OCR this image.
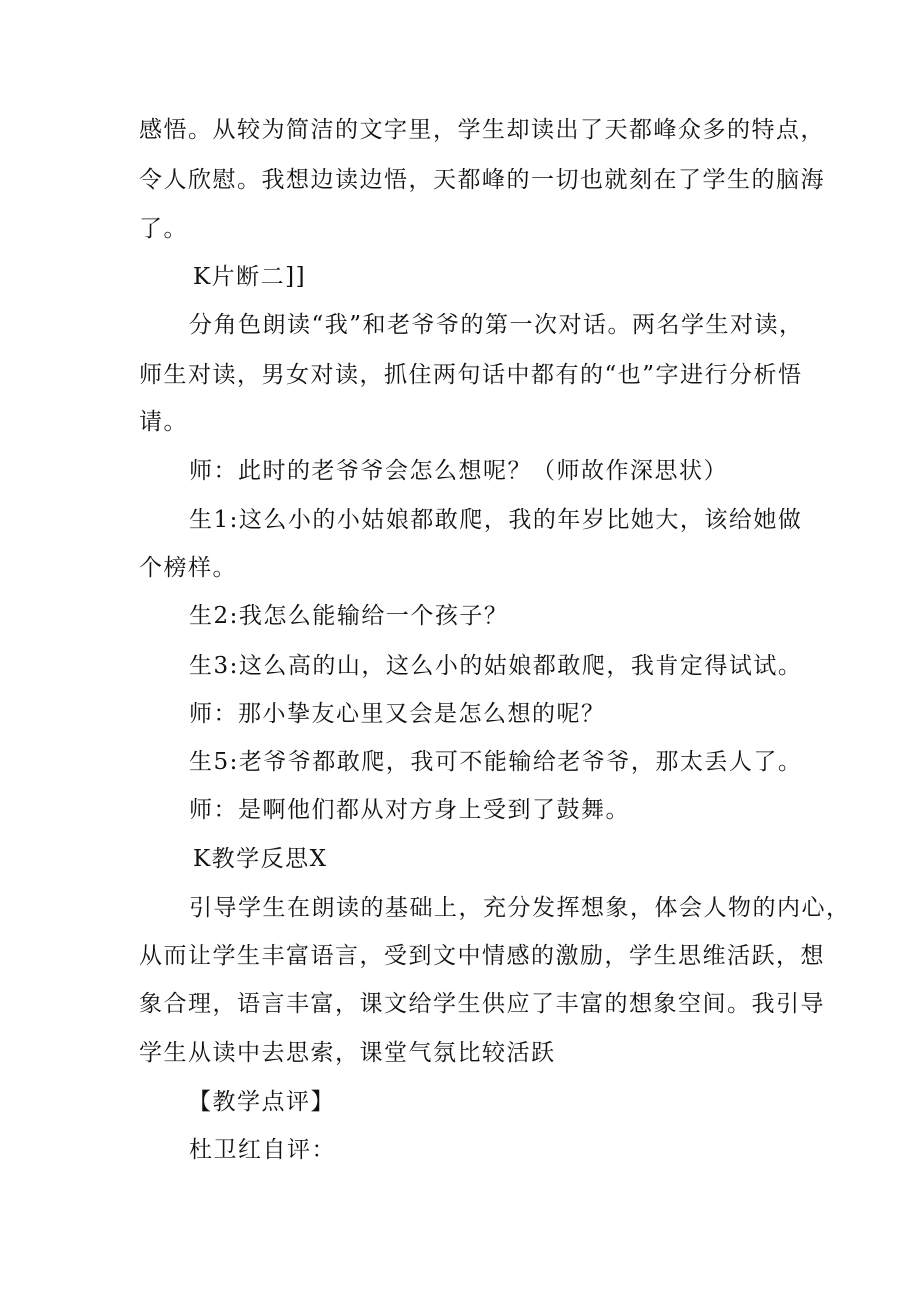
感悟。从较为简洁的文字里，学生却读出了天都峰众多的特点，
令人欣慰。我想边读边悟，天都峰的一切也就刻在了学生的脑海
了。
K片断二]]
分角色朗读“我”和老爷爷的第一次对话。两名学生对读，
师生对读，男女对读，抓住两句话中都有的“也”字进行分析悟
请。
师：此时的老爷爷会怎么想呢？（师故作深思状）
生1:这么小的小姑娘都敢爬，我的年岁比她大，该给她做
个榜样。
生2:我怎么能输给一个孩子？
生3:这么高的山，这么小的姑娘都敢爬，我肯定得试试。
师：那小挚友心里又会是怎么想的呢？
生5:老爷爷都敢爬，我可不能输给老爷爷，那太丢人了。
师：是啊他们都从对方身上受到了鼓舞。
K教学反思X
引导学生在朗读的基础上，充分发挥想象，体会人物的内心，
从而让学生丰富语言，受到文中情感的激励，学生思维活跃，想
象合理，语言丰富，课文给学生供应了丰富的想象空间。我引导
学生从读中去思索，课堂气氛比较活跃
【教学点评】
杜卫红自评：
